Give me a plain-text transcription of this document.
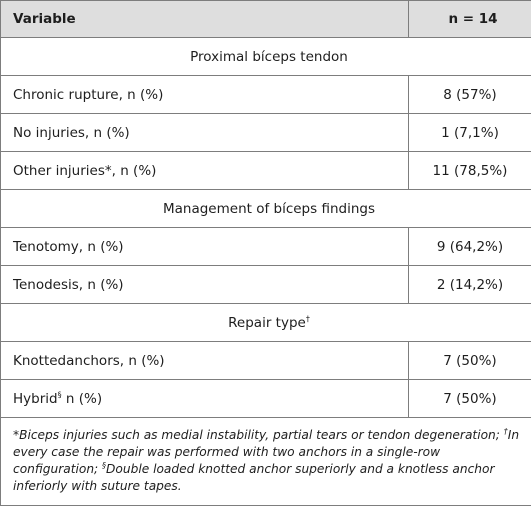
Variable	n = 14
Proximal bíceps tendon	
Chronic rupture, n (%)	8 (57%)
No injuries, n (%)	1 (7,1%)
Other injuries*, n (%)	11 (78,5%)
Management of bíceps findings	
Tenotomy, n (%)	9 (64,2%)
Tenodesis, n (%)	2 (14,2%)
Repair type†
Knottedanchors, n (%)	7 (50%)
Hybrid§ n (%)	7 (50%)
*Biceps injuries such as medial instability, partial tears or tendon degeneration; †In every case the repair was performed with two anchors in a single-row configuration; §Double loaded knotted anchor superiorly and a knotless anchor inferiorly with suture tapes.	
